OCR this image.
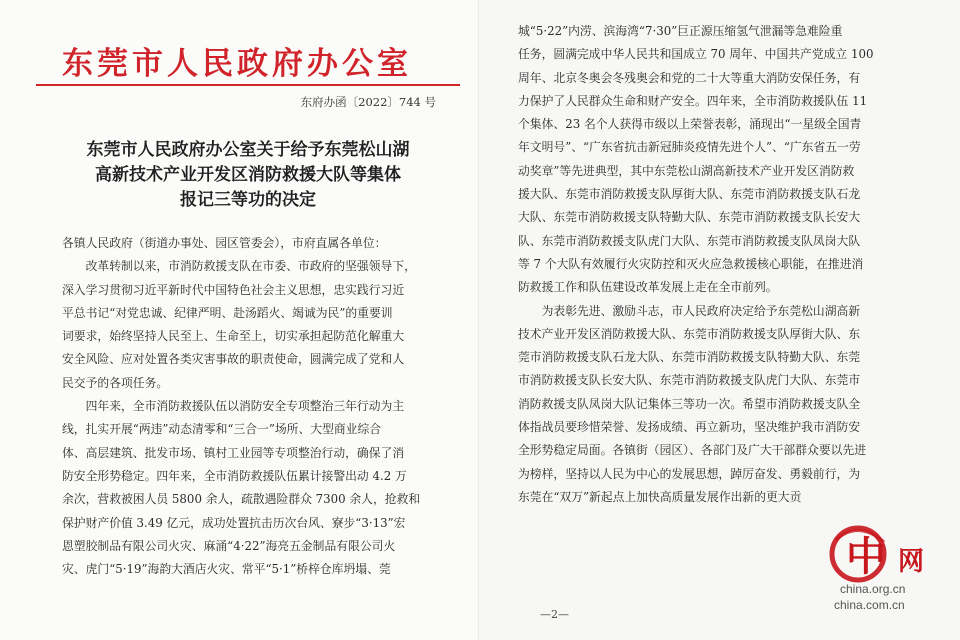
东莞市人民政府办公室
东府办函〔2022〕744 号
东莞市人民政府办公室关于给予东莞松山湖
高新技术产业开发区消防救援大队等集体
报记三等功的决定
各镇人民政府（街道办事处、园区管委会），市府直属各单位：
　　改革转制以来，市消防救援支队在市委、市政府的坚强领导下，
深入学习贯彻习近平新时代中国特色社会主义思想，忠实践行习近
平总书记“对党忠诚、纪律严明、赴汤蹈火、竭诚为民”的重要训
词要求，始终坚持人民至上、生命至上，切实承担起防范化解重大
安全风险、应对处置各类灾害事故的职责使命，圆满完成了党和人
民交予的各项任务。
　　四年来，全市消防救援队伍以消防安全专项整治三年行动为主
线，扎实开展“两违”动态清零和“三合一”场所、大型商业综合
体、高层建筑、批发市场、镇村工业园等专项整治行动，确保了消
防安全形势稳定。四年来，全市消防救援队伍累计接警出动 4.2 万
余次，营救被困人员 5800 余人，疏散遇险群众 7300 余人，抢救和
保护财产价值 3.49 亿元，成功处置抗击历次台风、寮步“3·13”宏
恩塑胶制品有限公司火灾、麻涌“4·22”海亮五金制品有限公司火
灾、虎门“5·19”海韵大酒店火灾、常平“5·1”桥梓仓库坍塌、莞
城“5·22”内涝、滨海湾“7·30”巨正源压缩氢气泄漏等急难险重
任务，圆满完成中华人民共和国成立 70 周年、中国共产党成立 100
周年、北京冬奥会冬残奥会和党的二十大等重大消防安保任务，有
力保护了人民群众生命和财产安全。四年来，全市消防救援队伍 11
个集体、23 名个人获得市级以上荣誉表彰，涌现出“一星级全国青
年文明号”、“广东省抗击新冠肺炎疫情先进个人”、“广东省五一劳
动奖章”等先进典型，其中东莞松山湖高新技术产业开发区消防救
援大队、东莞市消防救援支队厚街大队、东莞市消防救援支队石龙
大队、东莞市消防救援支队特勤大队、东莞市消防救援支队长安大
队、东莞市消防救援支队虎门大队、东莞市消防救援支队凤岗大队
等 7 个大队有效履行火灾防控和灭火应急救援核心职能，在推进消
防救援工作和队伍建设改革发展上走在全市前列。
　　为表彰先进、激励斗志，市人民政府决定给予东莞松山湖高新
技术产业开发区消防救援大队、东莞市消防救援支队厚街大队、东
莞市消防救援支队石龙大队、东莞市消防救援支队特勤大队、东莞
市消防救援支队长安大队、东莞市消防救援支队虎门大队、东莞市
消防救援支队凤岗大队记集体三等功一次。希望市消防救援支队全
体指战员要珍惜荣誉、发扬成绩、再立新功，坚决维护我市消防安
全形势稳定局面。各镇街（园区）、各部门及广大干部群众要以先进
为榜样，坚持以人民为中心的发展思想，踔厉奋发、勇毅前行，为
东莞在“双万”新起点上加快高质量发展作出新的更大贡
—2—
中 网
china.org.cn
china.com.cn
